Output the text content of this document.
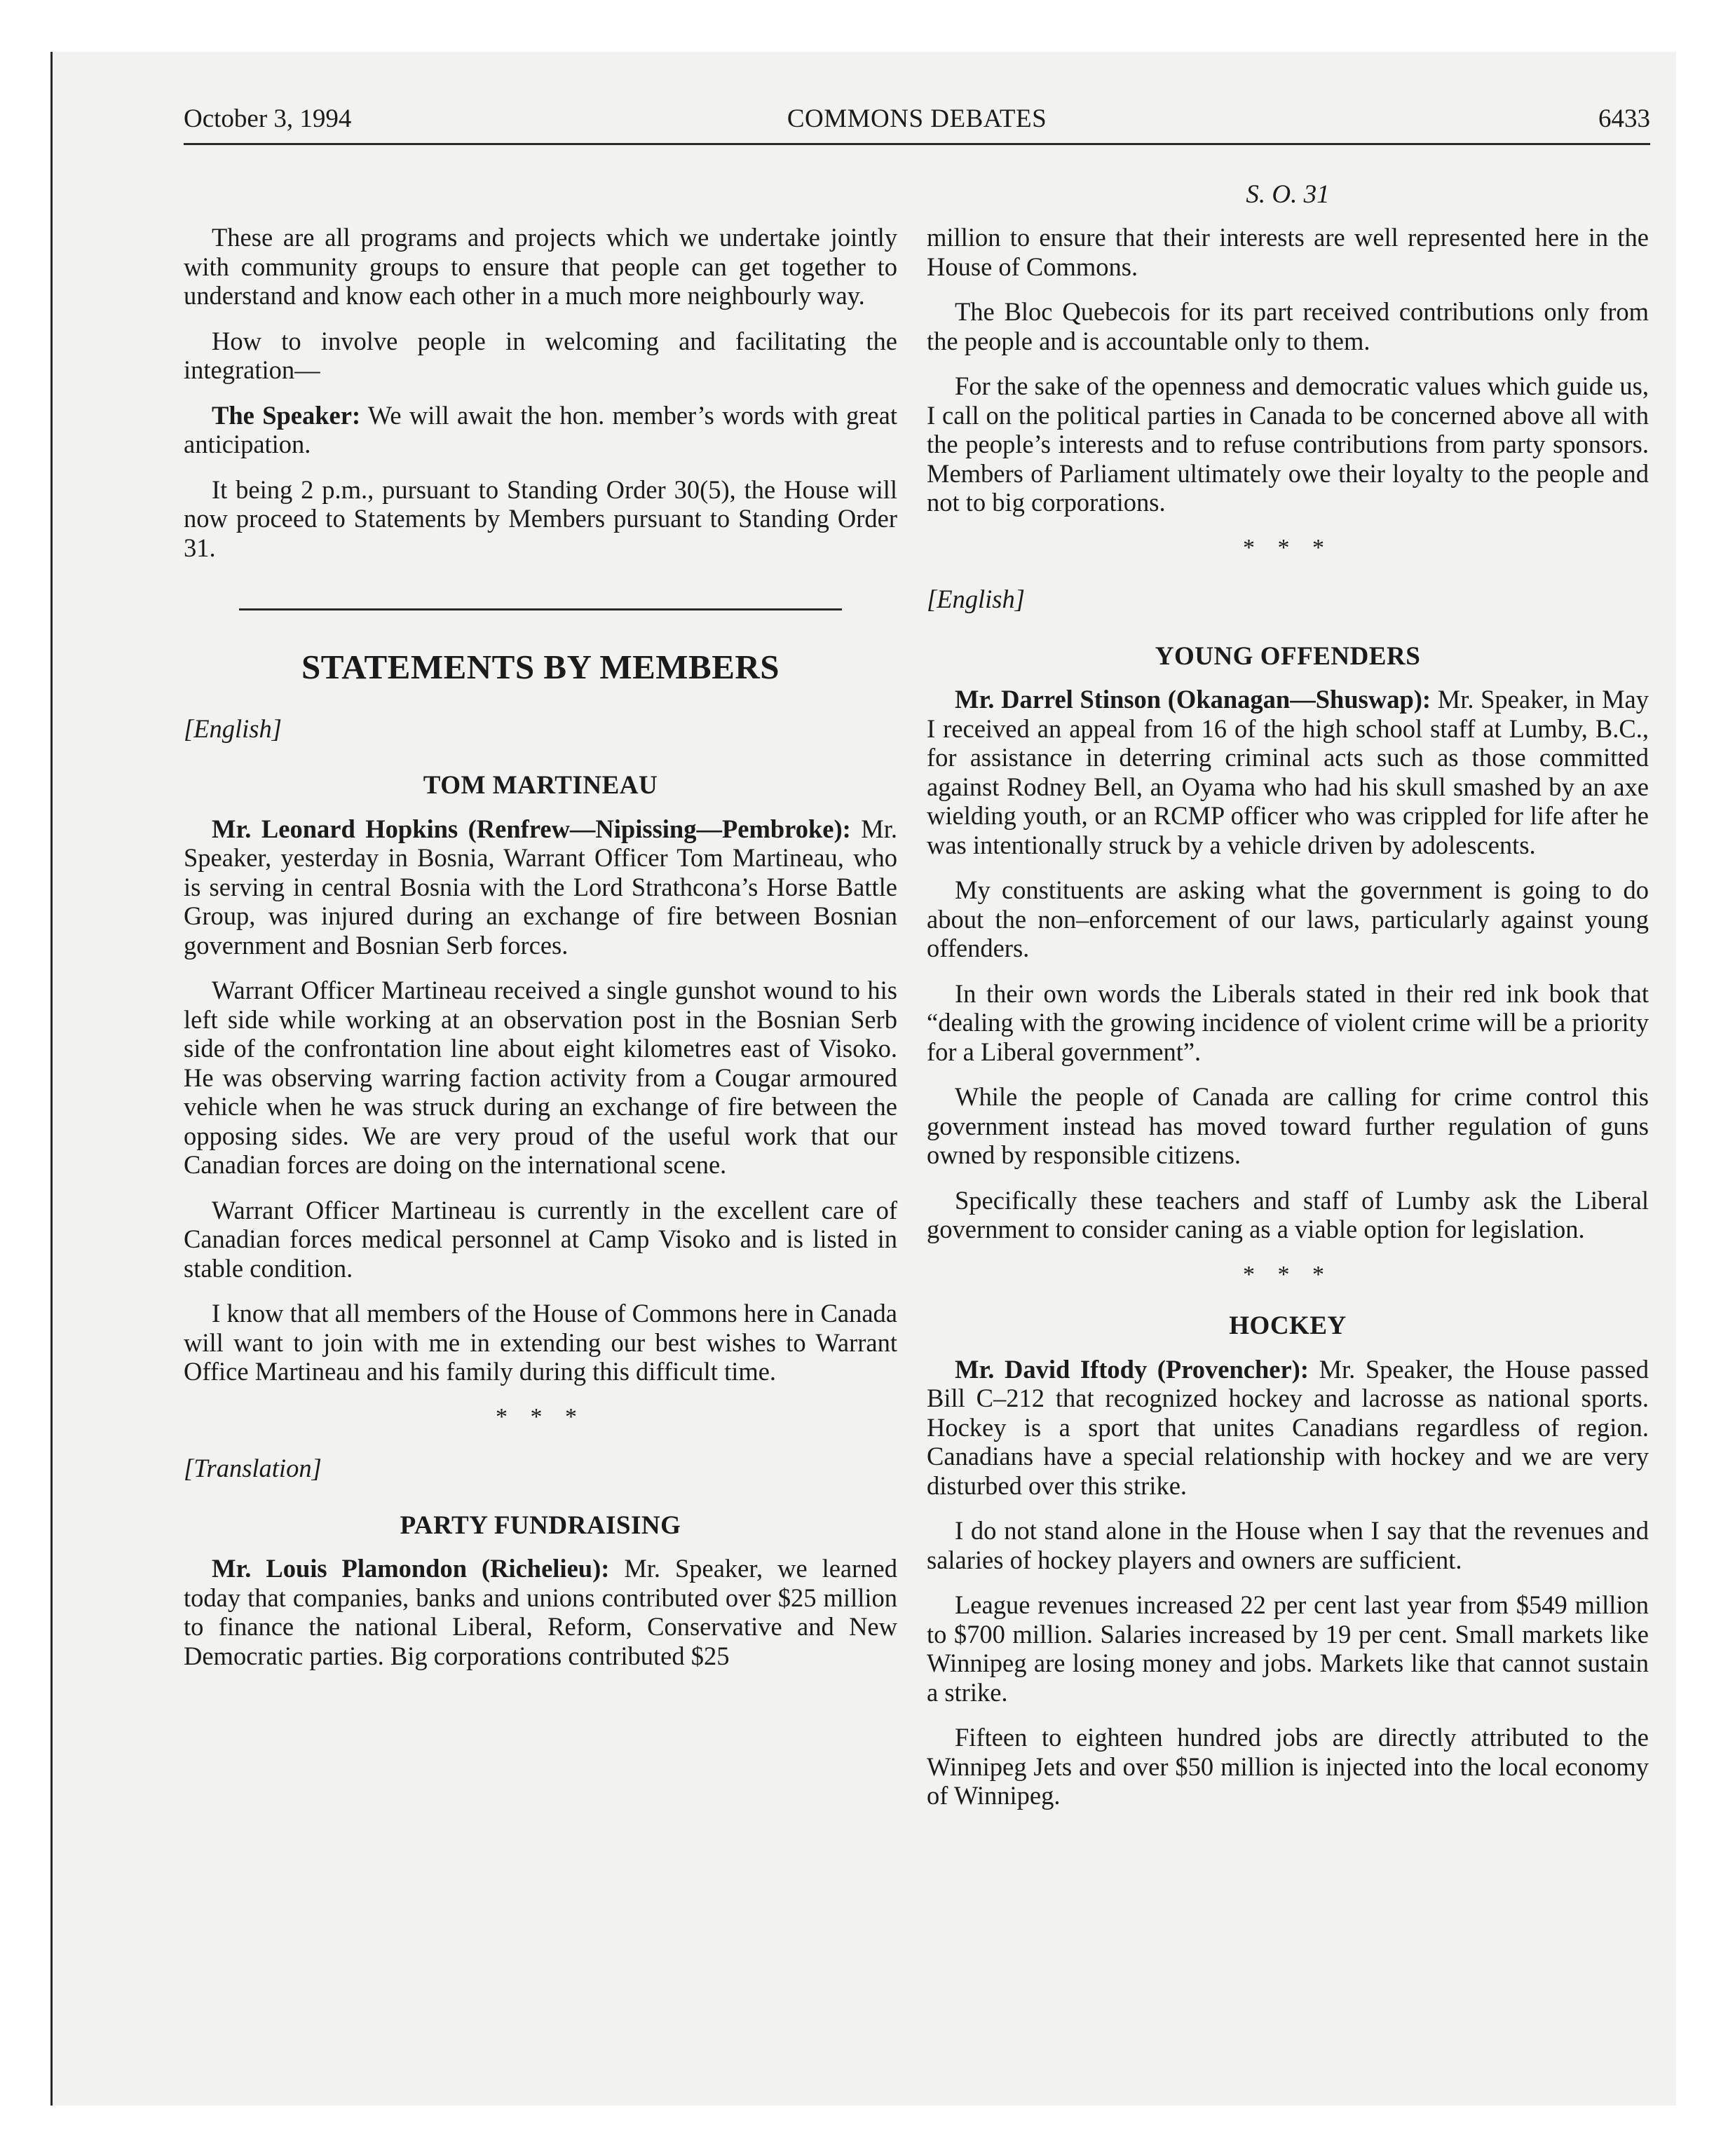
October 3, 1994	COMMONS DEBATES	6433
S. O. 31

These are all programs and projects which we undertake jointly with community groups to ensure that people can get together to understand and know each other in a much more neighbourly way.

How to involve people in welcoming and facilitating the integration—

The Speaker: We will await the hon. member’s words with great anticipation.

It being 2 p.m., pursuant to Standing Order 30(5), the House will now proceed to Statements by Members pursuant to Standing Order 31.

STATEMENTS BY MEMBERS
[English]
TOM MARTINEAU

Mr. Leonard Hopkins (Renfrew—Nipissing—Pembroke): Mr. Speaker, yesterday in Bosnia, Warrant Officer Tom Martineau, who is serving in central Bosnia with the Lord Strathcona’s Horse Battle Group, was injured during an exchange of fire between Bosnian government and Bosnian Serb forces.

Warrant Officer Martineau received a single gunshot wound to his left side while working at an observation post in the Bosnian Serb side of the confrontation line about eight kilometres east of Visoko. He was observing warring faction activity from a Cougar armoured vehicle when he was struck during an exchange of fire between the opposing sides. We are very proud of the useful work that our Canadian forces are doing on the international scene.

Warrant Officer Martineau is currently in the excellent care of Canadian forces medical personnel at Camp Visoko and is listed in stable condition.

I know that all members of the House of Commons here in Canada will want to join with me in extending our best wishes to Warrant Office Martineau and his family during this difficult time.

* * *
[Translation]
PARTY FUNDRAISING

Mr. Louis Plamondon (Richelieu): Mr. Speaker, we learned today that companies, banks and unions contributed over $25 million to finance the national Liberal, Reform, Conservative and New Democratic parties. Big corporations contributed $25

million to ensure that their interests are well represented here in the House of Commons.

The Bloc Quebecois for its part received contributions only from the people and is accountable only to them.

For the sake of the openness and democratic values which guide us, I call on the political parties in Canada to be concerned above all with the people’s interests and to refuse contributions from party sponsors. Members of Parliament ultimately owe their loyalty to the people and not to big corporations.

* * *
[English]
YOUNG OFFENDERS

Mr. Darrel Stinson (Okanagan—Shuswap): Mr. Speaker, in May I received an appeal from 16 of the high school staff at Lumby, B.C., for assistance in deterring criminal acts such as those committed against Rodney Bell, an Oyama who had his skull smashed by an axe wielding youth, or an RCMP officer who was crippled for life after he was intentionally struck by a vehicle driven by adolescents.

My constituents are asking what the government is going to do about the non–enforcement of our laws, particularly against young offenders.

In their own words the Liberals stated in their red ink book that “dealing with the growing incidence of violent crime will be a priority for a Liberal government”.

While the people of Canada are calling for crime control this government instead has moved toward further regulation of guns owned by responsible citizens.

Specifically these teachers and staff of Lumby ask the Liberal government to consider caning as a viable option for legislation.

* * *
HOCKEY

Mr. David Iftody (Provencher): Mr. Speaker, the House passed Bill C–212 that recognized hockey and lacrosse as national sports. Hockey is a sport that unites Canadians regardless of region. Canadians have a special relationship with hockey and we are very disturbed over this strike.

I do not stand alone in the House when I say that the revenues and salaries of hockey players and owners are sufficient.

League revenues increased 22 per cent last year from $549 million to $700 million. Salaries increased by 19 per cent. Small markets like Winnipeg are losing money and jobs. Markets like that cannot sustain a strike.

Fifteen to eighteen hundred jobs are directly attributed to the Winnipeg Jets and over $50 million is injected into the local economy of Winnipeg.
